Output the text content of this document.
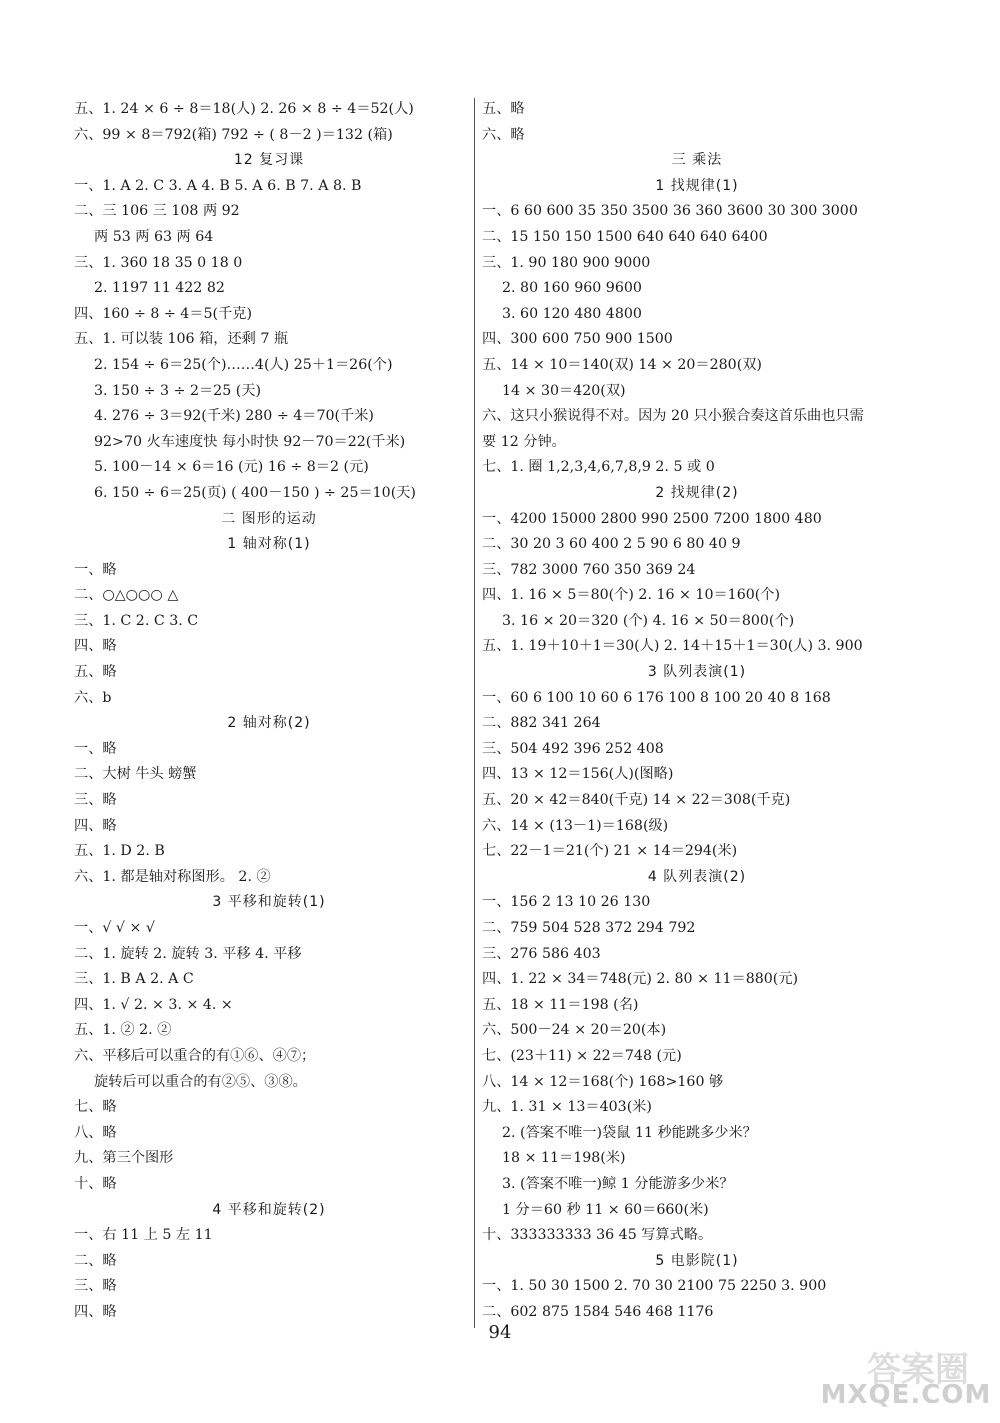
五、1. 24 × 6 ÷ 8＝18(人) 2. 26 × 8 ÷ 4＝52(人)
六、99 × 8＝792(箱) 792 ÷ ( 8－2 )＝132 (箱)
12 复习课
一、1. A 2. C 3. A 4. B 5. A 6. B 7. A 8. B
二、三 106 三 108 两 92
两 53 两 63 两 64
三、1. 360 18 35 0 18 0
2. 1197 11 422 82
四、160 ÷ 8 ÷ 4＝5(千克)
五、1. 可以装 106 箱，还剩 7 瓶
2. 154 ÷ 6＝25(个)……4(人) 25＋1＝26(个)
3. 150 ÷ 3 ÷ 2＝25 (天)
4. 276 ÷ 3＝92(千米) 280 ÷ 4＝70(千米)
92>70 火车速度快 每小时快 92－70＝22(千米)
5. 100－14 × 6＝16 (元) 16 ÷ 8＝2 (元)
6. 150 ÷ 6＝25(页) ( 400－150 ) ÷ 25＝10(天)
二 图形的运动
1 轴对称(1)
一、略
二、○△○○○ △
三、1. C 2. C 3. C
四、略
五、略
六、b
2 轴对称(2)
一、略
二、大树 牛头 螃蟹
三、略
四、略
五、1. D 2. B
六、1. 都是轴对称图形。 2. ②
3 平移和旋转(1)
一、√ √ × √
二、1. 旋转 2. 旋转 3. 平移 4. 平移
三、1. B A 2. A C
四、1. √ 2. × 3. × 4. ×
五、1. ② 2. ②
六、平移后可以重合的有①⑥、④⑦；
旋转后可以重合的有②⑤、③⑧。
七、略
八、略
九、第三个图形
十、略
4 平移和旋转(2)
一、右 11 上 5 左 11
二、略
三、略
四、略
五、略
六、略
三 乘法
1 找规律(1)
一、6 60 600 35 350 3500 36 360 3600 30 300 3000
二、15 150 150 1500 640 640 640 6400
三、1. 90 180 900 9000
2. 80 160 960 9600
3. 60 120 480 4800
四、300 600 750 900 1500
五、14 × 10＝140(双) 14 × 20＝280(双)
14 × 30＝420(双)
六、这只小猴说得不对。因为 20 只小猴合奏这首乐曲也只需
要 12 分钟。
七、1. 圈 1,2,3,4,6,7,8,9 2. 5 或 0
2 找规律(2)
一、4200 15000 2800 990 2500 7200 1800 480
二、30 20 3 60 400 2 5 90 6 80 40 9
三、782 3000 760 350 369 24
四、1. 16 × 5＝80(个) 2. 16 × 10＝160(个)
3. 16 × 20＝320 (个) 4. 16 × 50＝800(个)
五、1. 19＋10＋1＝30(人) 2. 14＋15＋1＝30(人) 3. 900
3 队列表演(1)
一、60 6 100 10 60 6 176 100 8 100 20 40 8 168
二、882 341 264
三、504 492 396 252 408
四、13 × 12＝156(人)(图略)
五、20 × 42＝840(千克) 14 × 22＝308(千克)
六、14 × (13－1)＝168(级)
七、22－1＝21(个) 21 × 14＝294(米)
4 队列表演(2)
一、156 2 13 10 26 130
二、759 504 528 372 294 792
三、276 586 403
四、1. 22 × 34＝748(元) 2. 80 × 11＝880(元)
五、18 × 11＝198 (名)
六、500－24 × 20＝20(本)
七、(23＋11) × 22＝748 (元)
八、14 × 12＝168(个) 168>160 够
九、1. 31 × 13＝403(米)
2. (答案不唯一)袋鼠 11 秒能跳多少米？
18 × 11＝198(米)
3. (答案不唯一)鲸 1 分能游多少米？
1 分＝60 秒 11 × 60＝660(米)
十、333333333 36 45 写算式略。
5 电影院(1)
一、1. 50 30 1500 2. 70 30 2100 75 2250 3. 900
二、602 875 1584 546 468 1176
94
答案圈
MXQE.COM
